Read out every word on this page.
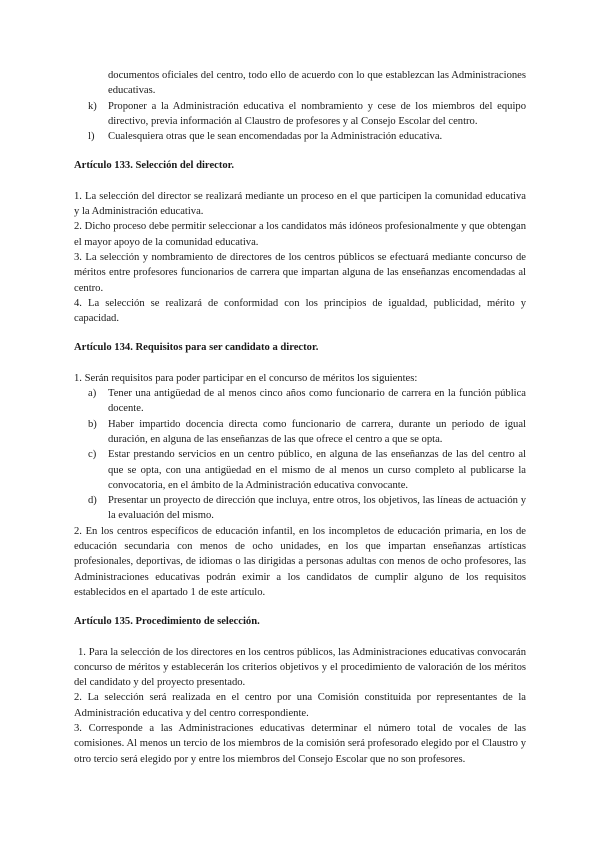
documentos oficiales del centro, todo ello de acuerdo con lo que establezcan las Administraciones educativas.

k) Proponer a la Administración educativa el nombramiento y cese de los miembros del equipo directivo, previa información al Claustro de profesores y al Consejo Escolar del centro.
l) Cualesquiera otras que le sean encomendadas por la Administración educativa.

Artículo 133. Selección del director.

1. La selección del director se realizará mediante un proceso en el que participen la comunidad educativa y la Administración educativa.

2. Dicho proceso debe permitir seleccionar a los candidatos más idóneos profesionalmente y que obtengan el mayor apoyo de la comunidad educativa.

3. La selección y nombramiento de directores de los centros públicos se efectuará mediante concurso de méritos entre profesores funcionarios de carrera que impartan alguna de las enseñanzas encomendadas al centro.

4. La selección se realizará de conformidad con los principios de igualdad, publicidad, mérito y capacidad.

Artículo 134. Requisitos para ser candidato a director.

1. Serán requisitos para poder participar en el concurso de méritos los siguientes:

a) Tener una antigüedad de al menos cinco años como funcionario de carrera en la función pública docente.
b) Haber impartido docencia directa como funcionario de carrera, durante un periodo de igual duración, en alguna de las enseñanzas de las que ofrece el centro a que se opta.
c) Estar prestando servicios en un centro público, en alguna de las enseñanzas de las del centro al que se opta, con una antigüedad en el mismo de al menos un curso completo al publicarse la convocatoria, en el ámbito de la Administración educativa convocante.
d) Presentar un proyecto de dirección que incluya, entre otros, los objetivos, las líneas de actuación y la evaluación del mismo.

2. En los centros específicos de educación infantil, en los incompletos de educación primaria, en los de educación secundaria con menos de ocho unidades, en los que impartan enseñanzas artísticas profesionales, deportivas, de idiomas o las dirigidas a personas adultas con menos de ocho profesores, las Administraciones educativas podrán eximir a los candidatos de cumplir alguno de los requisitos establecidos en el apartado 1 de este artículo.

Artículo 135. Procedimiento de selección.

1. Para la selección de los directores en los centros públicos, las Administraciones educativas convocarán concurso de méritos y establecerán los criterios objetivos y el procedimiento de valoración de los méritos del candidato y del proyecto presentado.

2. La selección será realizada en el centro por una Comisión constituida por representantes de la Administración educativa y del centro correspondiente.

3. Corresponde a las Administraciones educativas determinar el número total de vocales de las comisiones. Al menos un tercio de los miembros de la comisión será profesorado elegido por el Claustro y otro tercio será elegido por y entre los miembros del Consejo Escolar que no son profesores.
